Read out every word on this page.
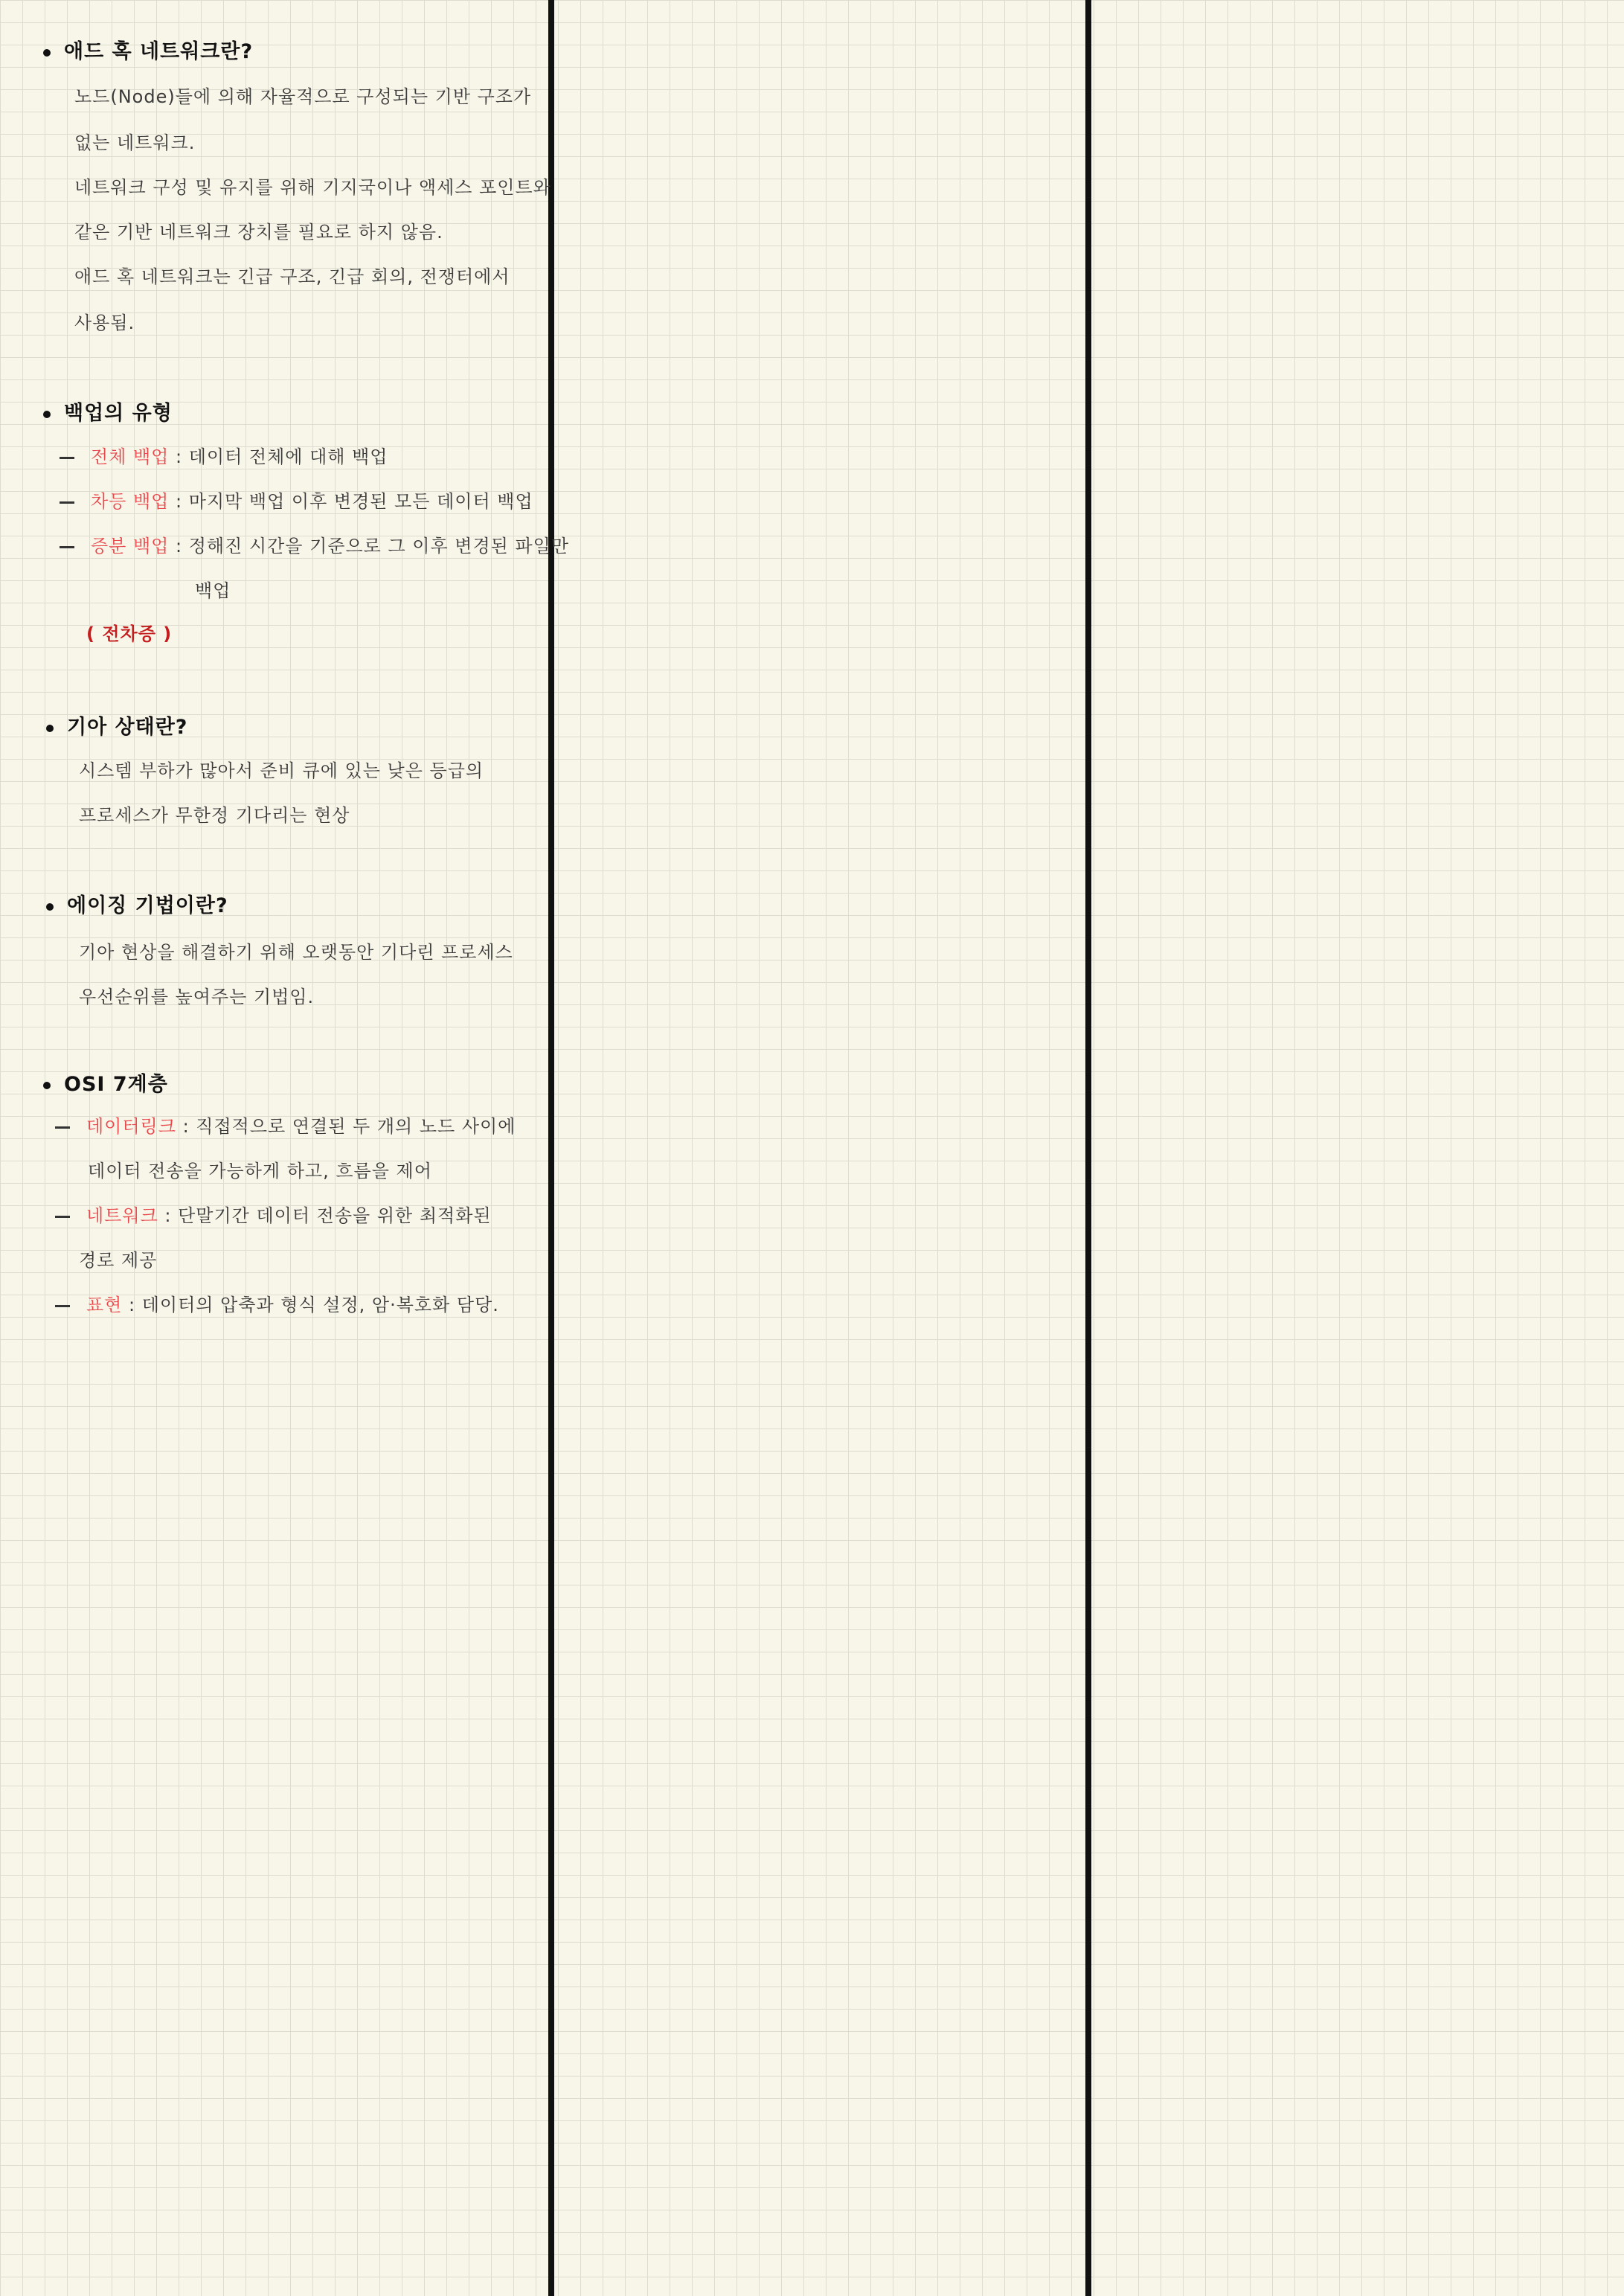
애드 혹 네트워크란?
노드(Node)들에 의해 자율적으로 구성되는 기반 구조가
없는 네트워크.
네트워크 구성 및 유지를 위해 기지국이나 액세스 포인트와
같은 기반 네트워크 장치를 필요로 하지 않음.
애드 혹 네트워크는 긴급 구조, 긴급 회의, 전쟁터에서
사용됨.
백업의 유형
전체 백업 : 데이터 전체에 대해 백업
차등 백업 : 마지막 백업 이후 변경된 모든 데이터 백업
증분 백업 : 정해진 시간을 기준으로 그 이후 변경된 파일만
백업
( 전차증 )
기아 상태란?
시스템 부하가 많아서 준비 큐에 있는 낮은 등급의
프로세스가 무한정 기다리는 현상
에이징 기법이란?
기아 현상을 해결하기 위해 오랫동안 기다린 프로세스
우선순위를 높여주는 기법임.
OSI 7계층
데이터링크 : 직접적으로 연결된 두 개의 노드 사이에
데이터 전송을 가능하게 하고, 흐름을 제어
네트워크 : 단말기간 데이터 전송을 위한 최적화된
경로 제공
표현 : 데이터의 압축과 형식 설정, 암·복호화 담당.
